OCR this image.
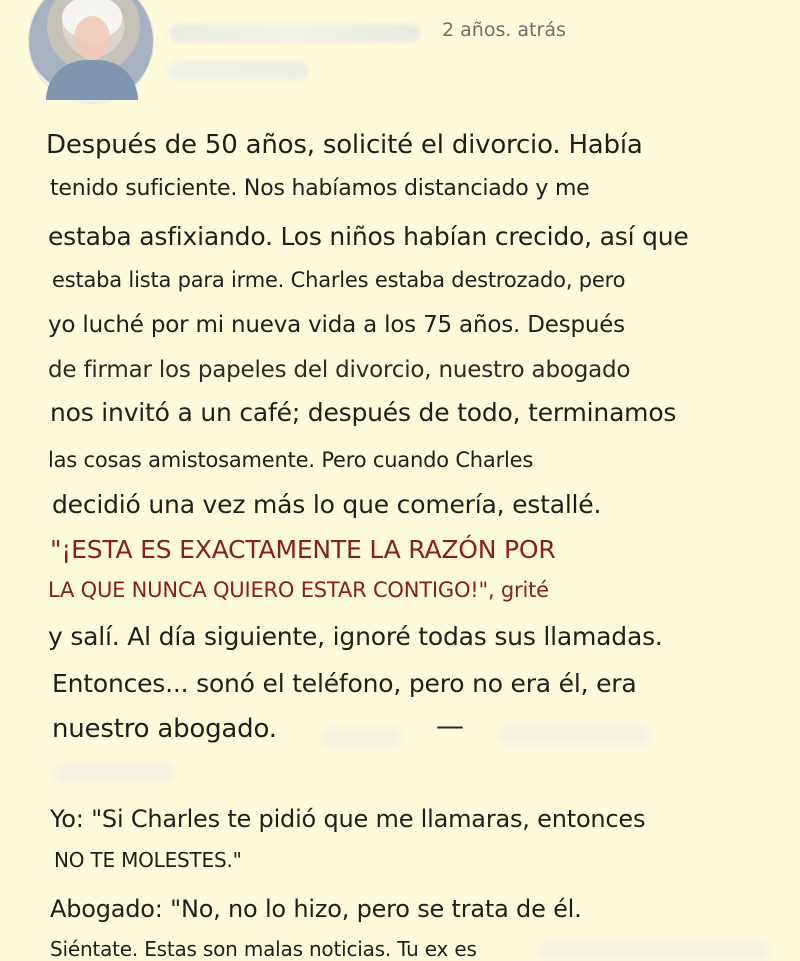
2 años. atrás
Después de 50 años, solicité el divorcio. Había
tenido suficiente. Nos habíamos distanciado y me
estaba asfixiando. Los niños habían crecido, así que
estaba lista para irme. Charles estaba destrozado, pero
yo luché por mi nueva vida a los 75 años. Después
de firmar los papeles del divorcio, nuestro abogado
nos invitó a un café; después de todo, terminamos
las cosas amistosamente. Pero cuando Charles
decidió una vez más lo que comería, estallé.
"¡ESTA ES EXACTAMENTE LA RAZÓN POR
LA QUE NUNCA QUIERO ESTAR CONTIGO!", grité
y salí. Al día siguiente, ignoré todas sus llamadas.
Entonces... sonó el teléfono, pero no era él, era
nuestro abogado.	—
Yo: "Si Charles te pidió que me llamaras, entonces
NO TE MOLESTES."
Abogado: "No, no lo hizo, pero se trata de él.
Siéntate. Estas son malas noticias. Tu ex es
